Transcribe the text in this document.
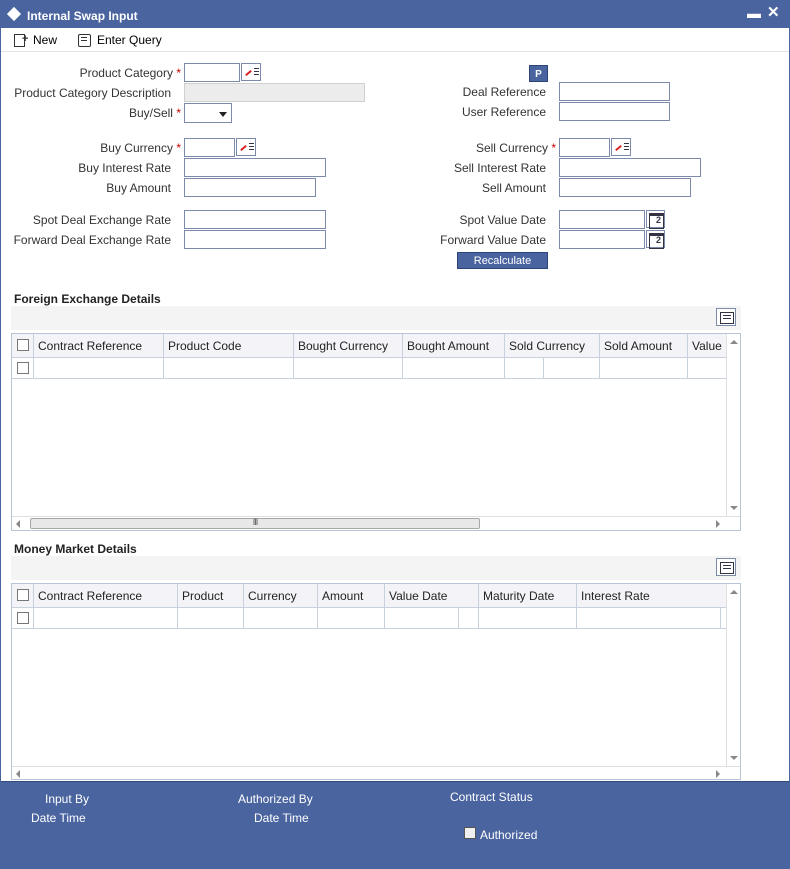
Internal Swap Input	▬ ✕
+
New	Enter Query
Product Category *
Product Category Description
Buy/Sell *
Buy Currency *
Buy Interest Rate
Buy Amount
Spot Deal Exchange Rate
Forward Deal Exchange Rate
P
Deal Reference
User Reference
Sell Currency *
Sell Interest Rate
Sell Amount
Spot Value Date
2
Forward Value Date
2
Recalculate
Foreign Exchange Details
Contract Reference	Product Code	Bought Currency	Bought Amount	Sold Currency	Sold Amount	Value
III
Money Market Details
Contract Reference	Product	Currency	Amount	Value Date	Maturity Date	Interest Rate
Input By
Date Time
Authorized By
Date Time
Contract Status
Authorized
